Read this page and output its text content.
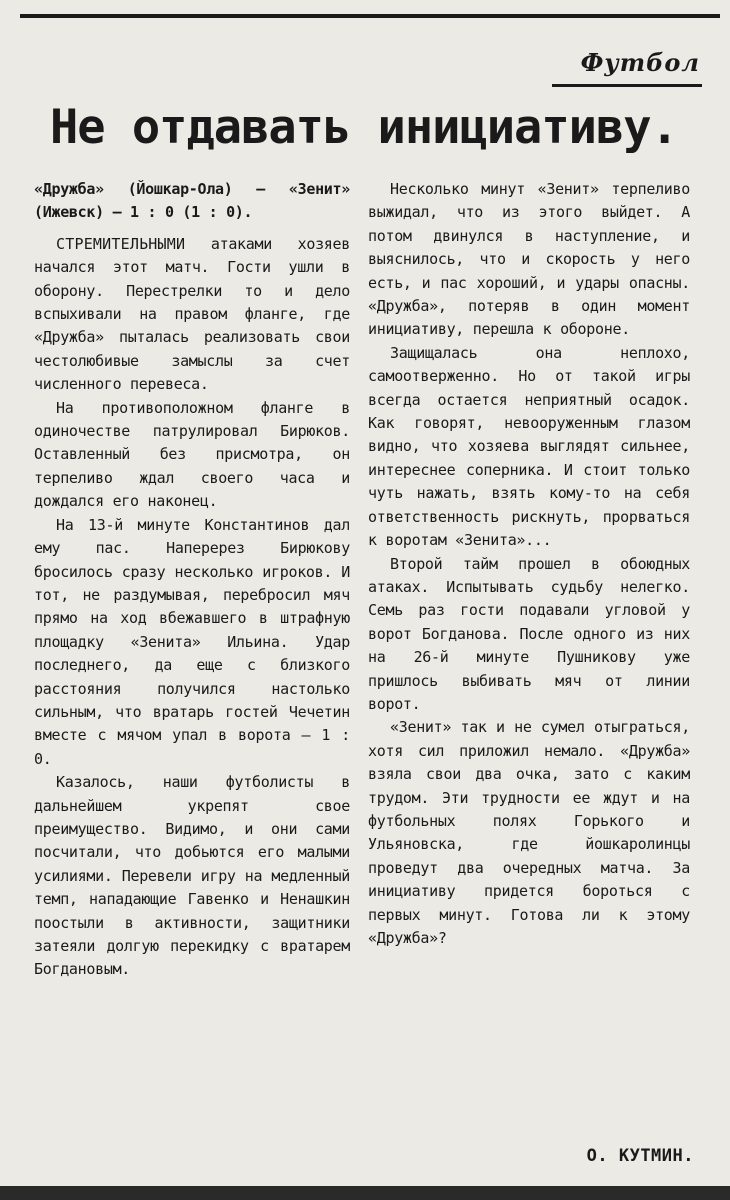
Футбол
Не отдавать инициативу.

«Дружба» (Йошкар-Ола) — «Зенит» (Ижевск) — 1 : 0 (1 : 0).

СТРЕМИТЕЛЬНЫМИ атаками хозяев начался этот матч. Гости ушли в оборону. Перестрелки то и дело вспыхивали на правом фланге, где «Дружба» пыталась реализовать свои честолюбивые замыслы за счет численного перевеса.

На противоположном фланге в одиночестве патрулировал Бирюков. Оставленный без присмотра, он терпеливо ждал своего часа и дождался его наконец.

На 13-й минуте Константинов дал ему пас. Наперерез Бирюкову бросилось сразу несколько игроков. И тот, не раздумывая, перебросил мяч прямо на ход вбежавшего в штрафную площадку «Зенита» Ильина. Удар последнего, да еще с близкого расстояния получился настолько сильным, что вратарь гостей Чечетин вместе с мячом упал в ворота — 1 : 0.

Казалось, наши футболисты в дальнейшем укрепят свое преимущество. Видимо, и они сами посчитали, что добьются его малыми усилиями. Перевели игру на медленный темп, нападающие Гавенко и Ненашкин поостыли в активности, защитники затеяли долгую перекидку с вратарем Богдановым.

Несколько минут «Зенит» терпеливо выжидал, что из этого выйдет. А потом двинулся в наступление, и выяснилось, что и скорость у него есть, и пас хороший, и удары опасны. «Дружба», потеряв в один момент инициативу, перешла к обороне.

Защищалась она неплохо, самоотверженно. Но от такой игры всегда остается неприятный осадок. Как говорят, невооруженным глазом видно, что хозяева выглядят сильнее, интереснее соперника. И стоит только чуть нажать, взять кому-то на себя ответственность рискнуть, прорваться к воротам «Зенита»...

Второй тайм прошел в обоюдных атаках. Испытывать судьбу нелегко. Семь раз гости подавали угловой у ворот Богданова. После одного из них на 26-й минуте Пушникову уже пришлось выбивать мяч от линии ворот.

«Зенит» так и не сумел отыграться, хотя сил приложил немало. «Дружба» взяла свои два очка, зато с каким трудом. Эти трудности ее ждут и на футбольных полях Горького и Ульяновска, где йошкаролинцы проведут два очередных матча. За инициативу придется бороться с первых минут. Готова ли к этому «Дружба»?

О. КУТМИН.
